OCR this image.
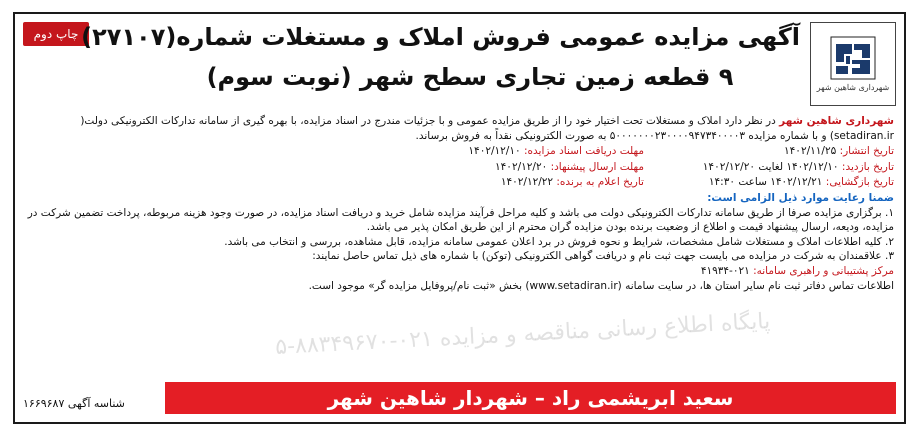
شهرداری شاهین شهر
چاپ دوم آگهی مزایده عمومی فروش املاک و مستغلات شماره(۲۷۱۰۷)
۹ قطعه زمین تجاری سطح شهر (نوبت سوم)

شهرداری شاهین شهر در نظر دارد املاک و مستغلات تحت اختیار خود را از طریق مزایده عمومی و با جزئیات مندرج در اسناد مزایده، با بهره گیری از سامانه تدارکات الکترونیکی دولت( setadiran.ir) و با شماره مزایده ۵۰۰۰۰۰۰۰۲۳۰۰۰۰۹۴۷۳۴۰۰۰۰۳ به صورت الکترونیکی نقداً به فروش برساند.

تاریخ انتشار: ۱۴۰۲/۱۱/۲۵
مهلت دریافت اسناد مزایده: ۱۴۰۲/۱۲/۱۰
تاریخ بازدید: ۱۴۰۲/۱۲/۱۰ لغایت ۱۴۰۲/۱۲/۲۰
مهلت ارسال پیشنهاد: ۱۴۰۲/۱۲/۲۰
تاریخ بازگشایی: ۱۴۰۲/۱۲/۲۱ ساعت ۱۴:۳۰
تاریخ اعلام به برنده: ۱۴۰۲/۱۲/۲۲

ضمنا رعایت موارد ذیل الزامی است:

۱. برگزاری مزایده صرفا از طریق سامانه تدارکات الکترونیکی دولت می باشد و کلیه مراحل فرآیند مزایده شامل خرید و دریافت اسناد مزایده، در صورت وجود هزینه مربوطه، پرداخت تضمین شرکت در مزایده، ودیعه، ارسال پیشنهاد قیمت و اطلاع از وضعیت برنده بودن مزایده گران محترم از این طریق امکان پذیر می باشد.

۲. کلیه اطلاعات املاک و مستغلات شامل مشخصات، شرایط و نحوه فروش در برد اعلان عمومی سامانه مزایده، قابل مشاهده، بررسی و انتخاب می باشد.

۳. علاقمندان به شرکت در مزایده می بایست جهت ثبت نام و دریافت گواهی الکترونیکی (توکن) با شماره های ذیل تماس حاصل نمایند:

مرکز پشتیبانی و راهبری سامانه: ۰۲۱-۴۱۹۳۴

اطلاعات تماس دفاتر ثبت نام سایر استان ها، در سایت سامانه (www.setadiran.ir) بخش «ثبت نام/پروفایل مزایده گر» موجود است.

پایگاه اطلاع رسانی مناقصه و مزایده ۰۲۱-۸۸۳۴۹۶۷۰-۵
سعید ابریشمی راد – شهردار شاهین شهر
شناسه آگهی ۱۶۶۹۶۸۷
